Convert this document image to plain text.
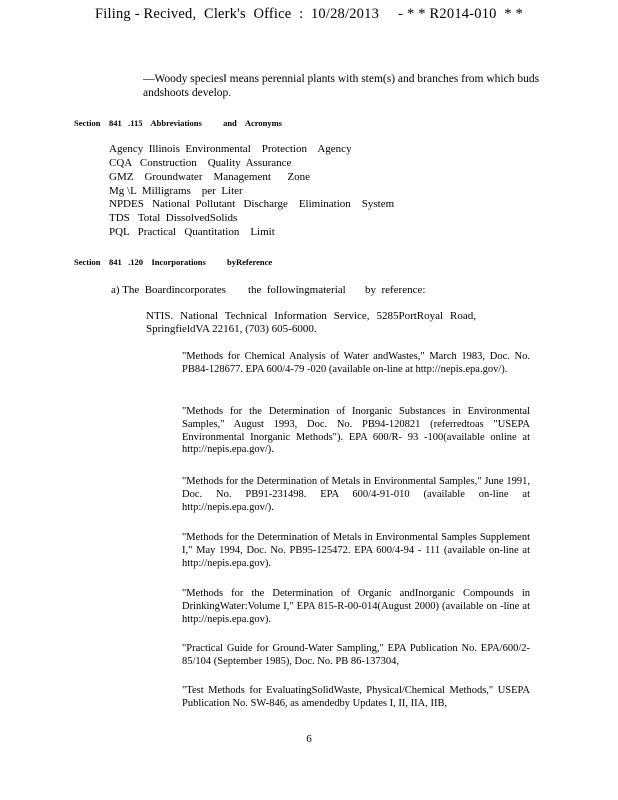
Filing - Recived,  Clerk's  Office  :  10/28/2013     - * * R2014-010  * *
—Woody species‖ means perennial plants with stem(s) and branches from which buds andshoots develop.
Section    841   .115    Abbreviations          and    Acronyms
Agency  Illinois  Environmental    Protection    Agency
CQA   Construction    Quality  Assurance
GMZ    Groundwater    Management      Zone
Mg \L  Milligrams    per  Liter
NPDES   National  Pollutant   Discharge    Elimination    System
TDS   Total  DissolvedSolids
PQL   Practical   Quantitation    Limit
Section    841   .120    Incorporations          byReference
a) The  Boardincorporates        the  followingmaterial       by  reference:
NTIS. National Technical Information Service, 5285PortRoyal Road, SpringfieldVA 22161, (703) 605-6000.
"Methods for Chemical Analysis of Water andWastes," March 1983, Doc. No. PB84-128677. EPA 600/4-79 -020 (available on-line at http://nepis.epa.gov/).
"Methods for the Determination of Inorganic Substances in Environmental Samples," August 1993, Doc. No. PB94-120821 (referredtoas "USEPA Environmental Inorganic Methods"). EPA 600/R- 93 -100(available online at http://nepis.epa.gov/).
"Methods for the Determination of Metals in Environmental Samples," June 1991, Doc. No. PB91-231498. EPA 600/4-91-010 (available on-line at http://nepis.epa.gov/).
"Methods for the Determination of Metals in Environmental Samples Supplement I," May 1994, Doc. No. PB95-125472. EPA 600/4-94 - 111 (available on-line at http://nepis.epa.gov).
"Methods for the Determination of Organic andInorganic Compounds in DrinkingWater:Volume I," EPA 815-R-00-014(August 2000) (available on -line at http://nepis.epa.gov).
"Practical Guide for Ground-Water Sampling," EPA Publication No. EPA/600/2-85/104 (September 1985), Doc. No. PB 86-137304,
"Test Methods for EvaluatingSolidWaste, Physical/Chemical Methods," USEPA Publication No. SW-846, as amendedby Updates I, II, IIA, IIB,
6
